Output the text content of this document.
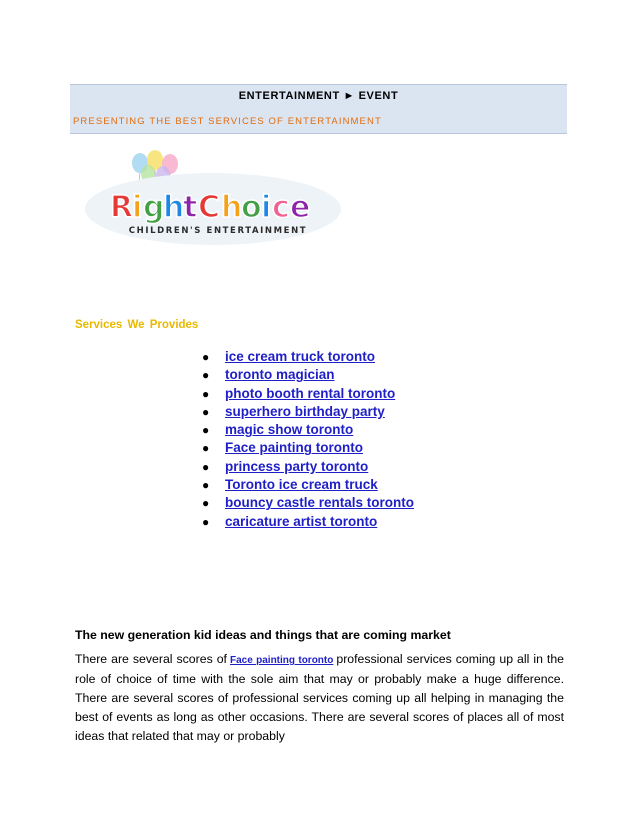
ENTERTAINMENT ► EVENT
PRESENTING THE BEST SERVICES OF ENTERTAINMENT
R
i g
h
t C h
o i c e
CHILDREN'S ENTERTAINMENT
Services We Provides
● ice cream truck toronto
● toronto magician
● photo booth rental toronto
● superhero birthday party
● magic show toronto
● Face painting toronto
● princess party toronto
● Toronto ice cream truck
● bouncy castle rentals toronto
● caricature artist toronto
The new generation kid ideas and things that are coming market
There are several scores of Face painting toronto professional services coming up all in the role of choice of time with the sole aim that may or probably make a huge difference. There are several scores of professional services coming up all helping in managing the best of events as long as other occasions. There are several scores of places all of most ideas that related that may or probably
